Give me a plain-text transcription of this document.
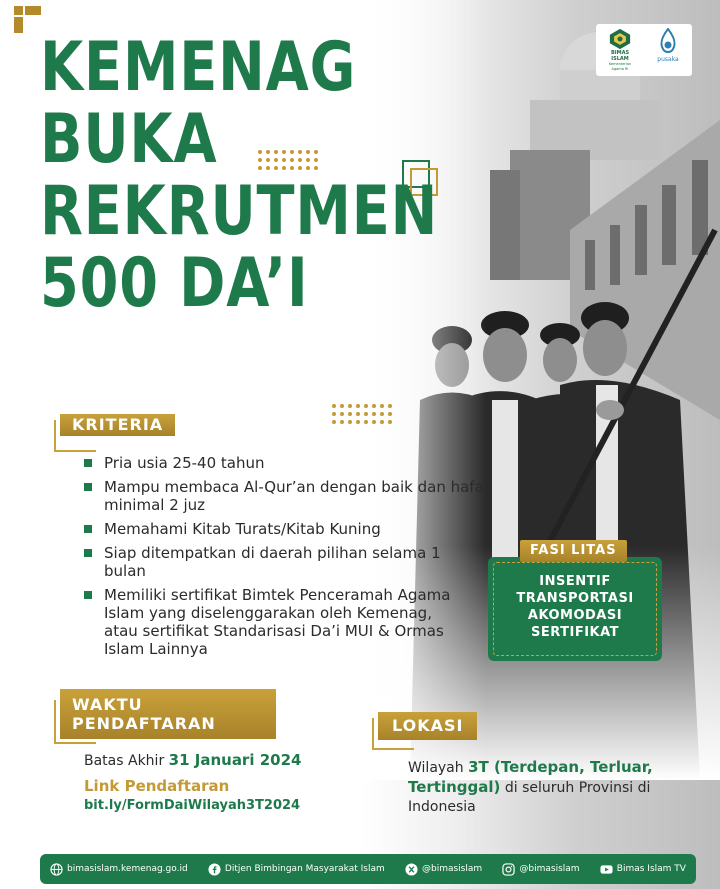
BIMAS ISLAM
Kementerian Agama RI
pusaka
KEMENAG
BUKA
REKRUTMEN
500 DA’I
KRITERIA
Pria usia 25-40 tahun
Mampu membaca Al-Qur’an dengan baik dan hafal minimal 2 juz
Memahami Kitab Turats/Kitab Kuning
Siap ditempatkan di daerah pilihan selama 1 bulan
Memiliki sertifikat Bimtek Penceramah Agama Islam yang diselenggarakan oleh Kemenag, atau sertifikat Standarisasi Da’i MUI & Ormas Islam Lainnya
INSENTIF
TRANSPORTASI
AKOMODASI
SERTIFIKAT
FASI LITAS
WAKTU
PENDAFTARAN
Batas Akhir 31 Januari 2024
Link Pendaftaran
bit.ly/FormDaiWilayah3T2024
LOKASI
Wilayah 3T (Terdepan, Terluar, Tertinggal) di seluruh Provinsi di Indonesia
bimasislam.kemenag.go.id	Ditjen Bimbingan Masyarakat Islam	@bimasislam	@bimasislam	Bimas Islam TV
